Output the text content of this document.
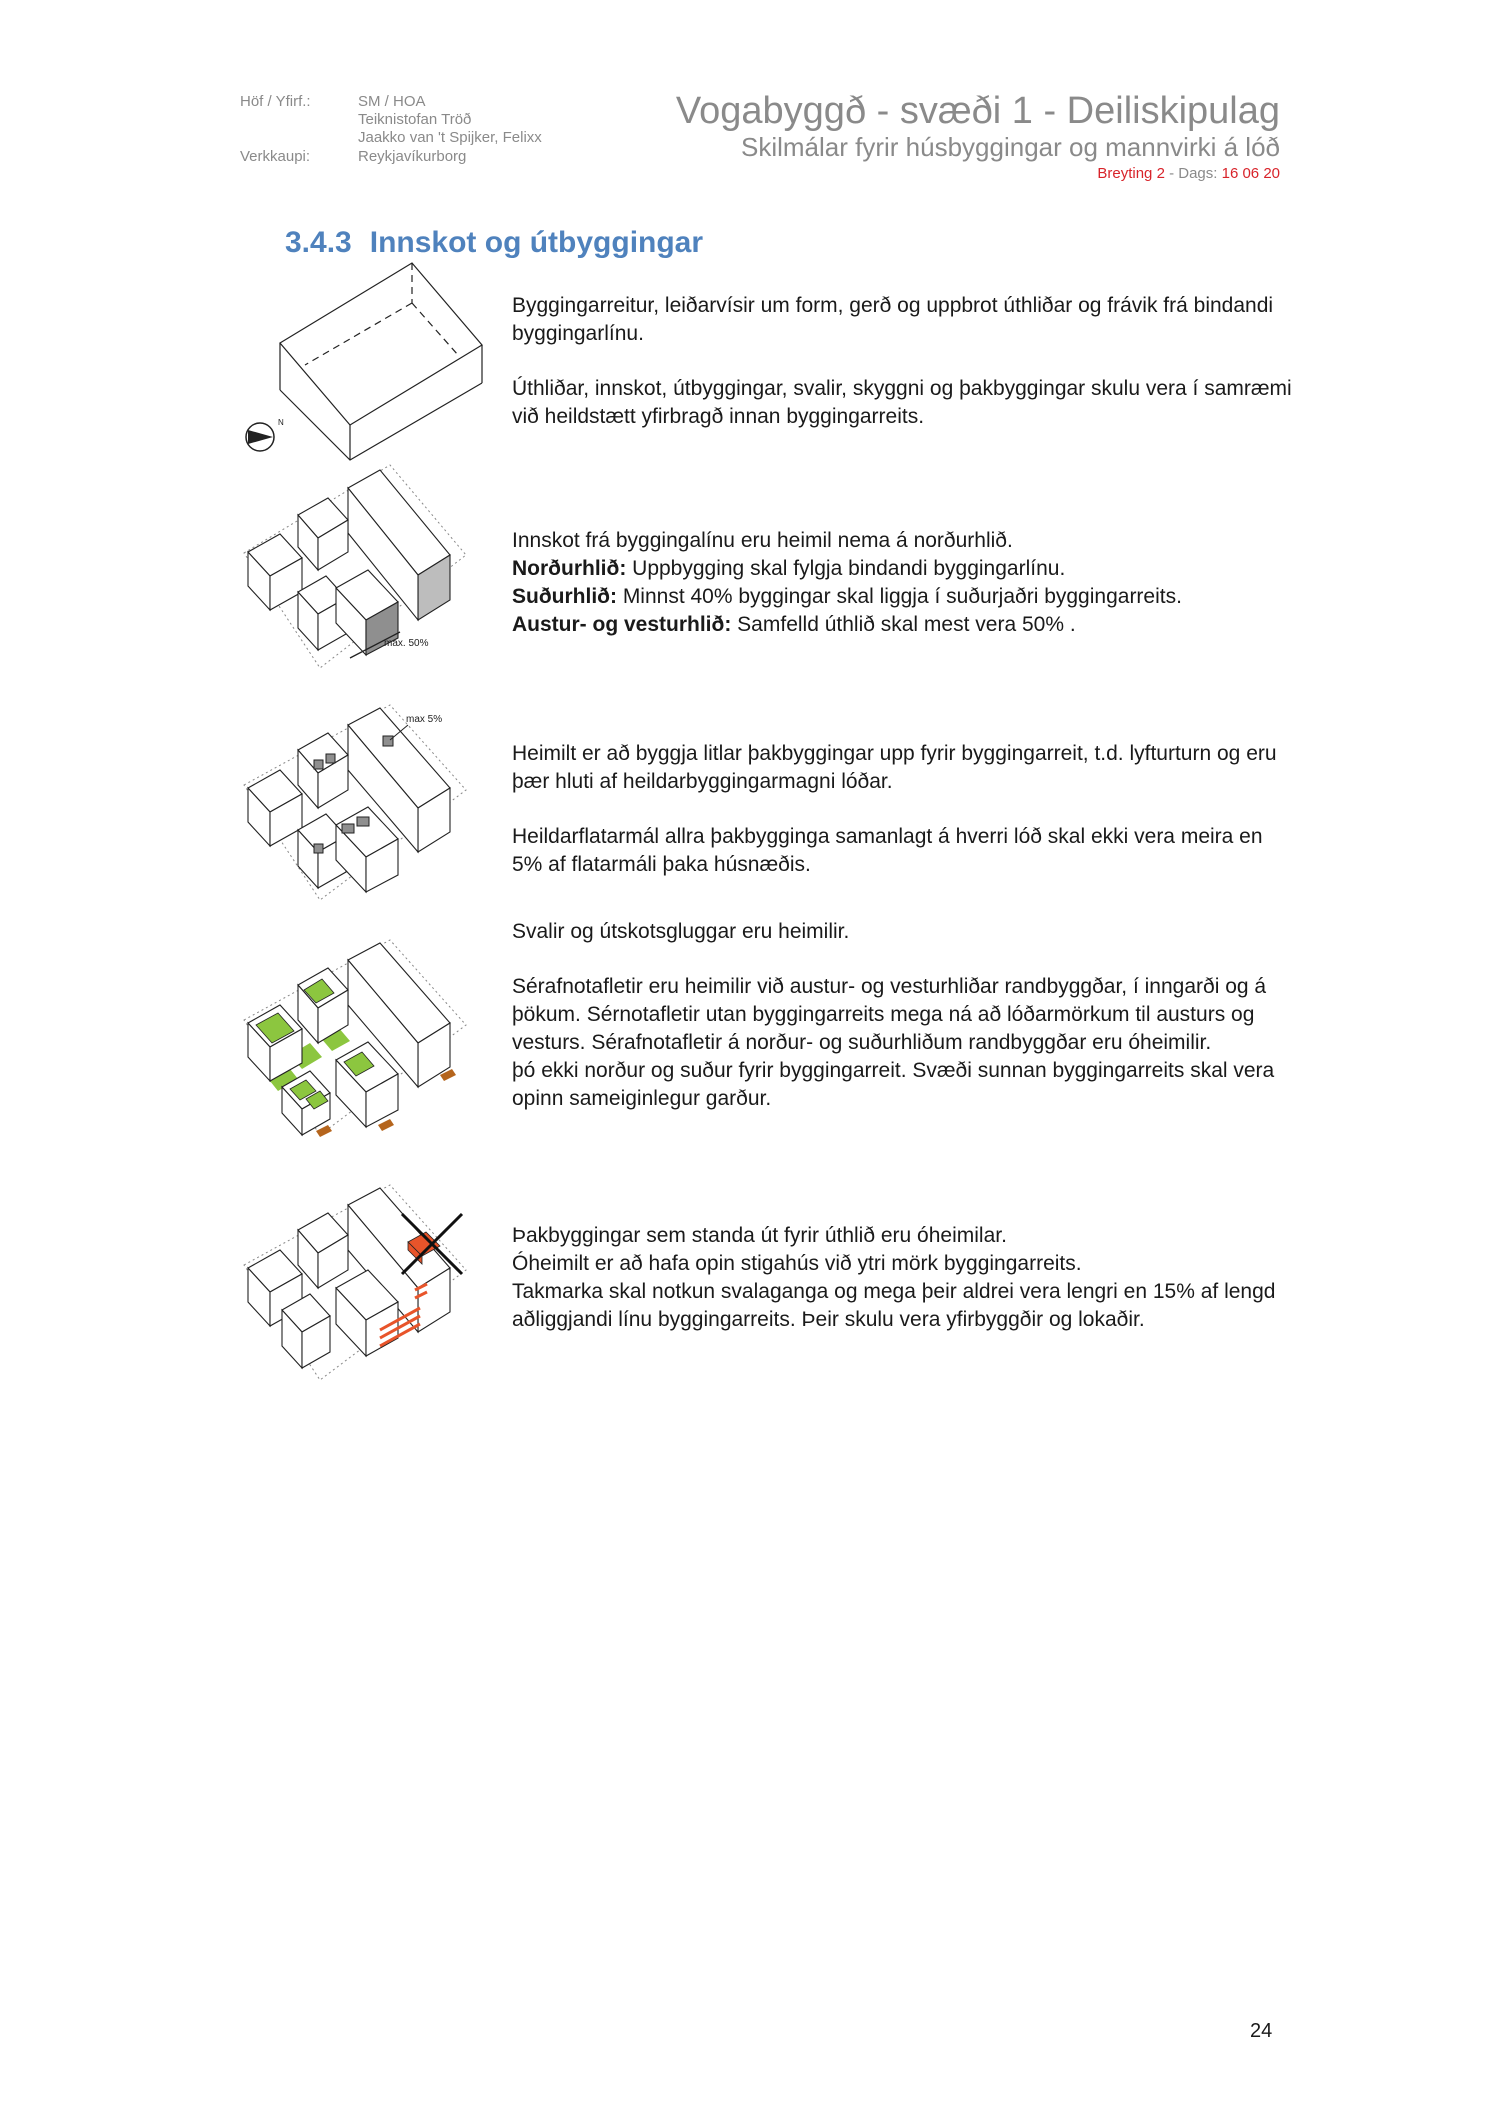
Höf / Yfirf.:	SM / HOA
Teiknistofan Tröð
Jaakko van 't Spijker, Felixx
Verkkaupi:	Reykjavíkurborg
Vogabyggð - svæði 1 - Deiliskipulag
Skilmálar fyrir húsbyggingar og mannvirki á lóð
Breyting 2 - Dags: 16 06 20
3.4.3 Innskot og útbyggingar
N
max. 50%
max 5%

Byggingarreitur, leiðarvísir um form, gerð og uppbrot úthliðar og frávik frá bindandi byggingarlínu.

Úthliðar, innskot, útbyggingar, svalir, skyggni og þakbyggingar skulu vera í samræmi við heildstætt yfirbragð innan byggingarreits.

Innskot frá byggingalínu eru heimil nema á norðurhlið.

Norðurhlið: Uppbygging skal fylgja bindandi byggingarlínu.

Suðurhlið: Minnst 40% byggingar skal liggja í suðurjaðri byggingarreits.

Austur- og vesturhlið: Samfelld úthlið skal mest vera 50% .

Heimilt er að byggja litlar þakbyggingar upp fyrir byggingarreit, t.d. lyfturturn og eru þær hluti af heildarbyggingarmagni lóðar.

Heildarflatarmál allra þakbygginga samanlagt á hverri lóð skal ekki vera meira en 5% af flatarmáli þaka húsnæðis.

Svalir og útskotsgluggar eru heimilir.

Sérafnotafletir eru heimilir við austur- og vesturhliðar randbyggðar, í inngarði og á þökum. Sérnotafletir utan byggingarreits mega ná að lóðarmörkum til austurs og vesturs. Sérafnotafletir á norður- og suðurhliðum randbyggðar eru óheimilir.

þó ekki norður og suður fyrir byggingarreit. Svæði sunnan byggingarreits skal vera opinn sameiginlegur garður.

Þakbyggingar sem standa út fyrir úthlið eru óheimilar.

Óheimilt er að hafa opin stigahús við ytri mörk byggingarreits.

Takmarka skal notkun svalaganga og mega þeir aldrei vera lengri en 15% af lengd aðliggjandi línu byggingarreits. Þeir skulu vera yfirbyggðir og lokaðir.

24
